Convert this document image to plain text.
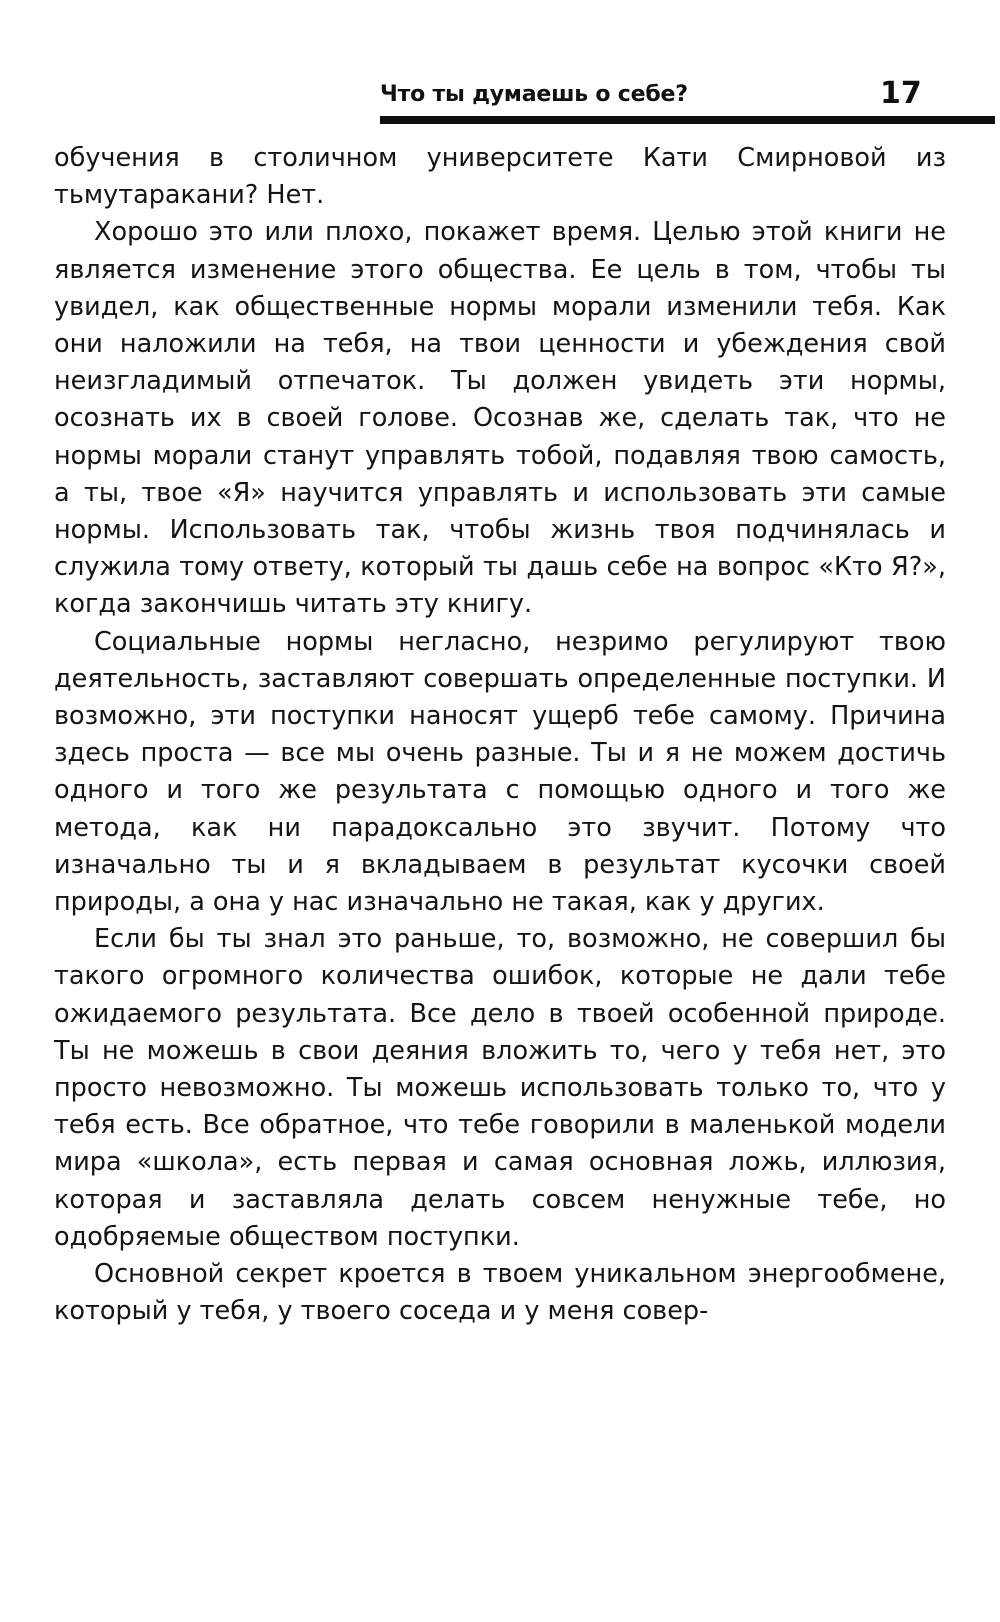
Что ты думаешь о себе?	17

обучения в столичном университете Кати Смирновой из тьмутаракани? Нет.

Хорошо это или плохо, покажет время. Целью этой книги не является изменение этого общества. Ее цель в том, чтобы ты увидел, как общественные нормы морали изменили тебя. Как они наложили на тебя, на твои ценности и убеждения свой неизгладимый отпечаток. Ты должен увидеть эти нормы, осознать их в своей голове. Осознав же, сделать так, что не нормы морали станут управлять тобой, подавляя твою самость, а ты, твое «Я» научится управлять и использовать эти самые нормы. Использовать так, чтобы жизнь твоя подчинялась и служила тому ответу, который ты дашь себе на вопрос «Кто Я?», когда закончишь читать эту книгу.

Социальные нормы негласно, незримо регулируют твою деятельность, заставляют совершать определенные поступки. И возможно, эти поступки наносят ущерб тебе самому. Причина здесь проста — все мы очень разные. Ты и я не можем достичь одного и того же результата с помощью одного и того же метода, как ни парадоксально это звучит. Потому что изначально ты и я вкладываем в результат кусочки своей природы, а она у нас изначально не такая, как у других.

Если бы ты знал это раньше, то, возможно, не совершил бы такого огромного количества ошибок, которые не дали тебе ожидаемого результата. Все дело в твоей особенной природе. Ты не можешь в свои деяния вложить то, чего у тебя нет, это просто невозможно. Ты можешь использовать только то, что у тебя есть. Все обратное, что тебе говорили в маленькой модели мира «школа», есть первая и самая основная ложь, иллюзия, которая и заставляла делать совсем ненужные тебе, но одобряемые обществом поступки.

Основной секрет кроется в твоем уникальном энергообмене, который у тебя, у твоего соседа и у меня совер-
